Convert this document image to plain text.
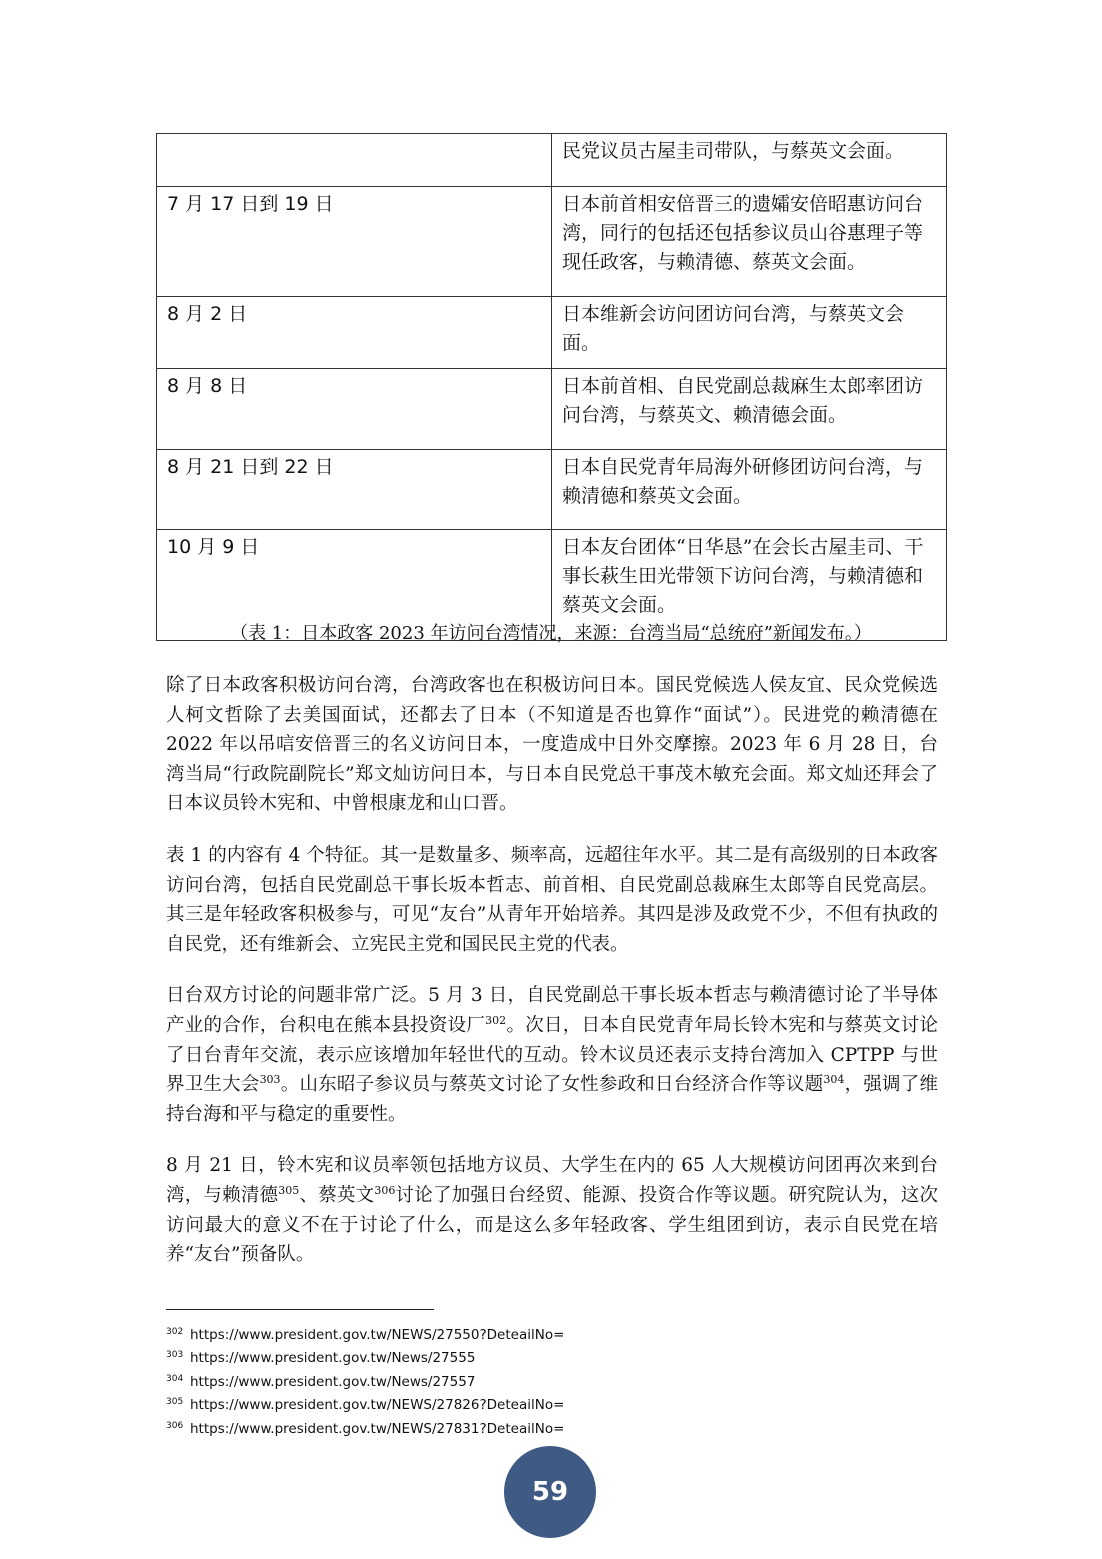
	民党议员古屋圭司带队，与蔡英文会面。
7 月 17 日到 19 日	日本前首相安倍晋三的遗孀安倍昭惠访问台湾，同行的包括还包括参议员山谷惠理子等现任政客，与赖清德、蔡英文会面。
8 月 2 日	日本维新会访问团访问台湾，与蔡英文会面。
8 月 8 日	日本前首相、自民党副总裁麻生太郎率团访问台湾，与蔡英文、赖清德会面。
8 月 21 日到 22 日	日本自民党青年局海外研修团访问台湾，与赖清德和蔡英文会面。
10 月 9 日	日本友台团体“日华恳”在会长古屋圭司、干事长萩生田光带领下访问台湾，与赖清德和蔡英文会面。
（表 1：日本政客 2023 年访问台湾情况，来源：台湾当局“总统府”新闻发布。）

除了日本政客积极访问台湾，台湾政客也在积极访问日本。国民党候选人侯友宜、民众党候选人柯文哲除了去美国面试，还都去了日本（不知道是否也算作“面试”）。民进党的赖清德在 2022 年以吊唁安倍晋三的名义访问日本，一度造成中日外交摩擦。2023 年 6 月 28 日，台湾当局“行政院副院长”郑文灿访问日本，与日本自民党总干事茂木敏充会面。郑文灿还拜会了日本议员铃木宪和、中曾根康龙和山口晋。

表 1 的内容有 4 个特征。其一是数量多、频率高，远超往年水平。其二是有高级别的日本政客访问台湾，包括自民党副总干事长坂本哲志、前首相、自民党副总裁麻生太郎等自民党高层。其三是年轻政客积极参与，可见“友台”从青年开始培养。其四是涉及政党不少，不但有执政的自民党，还有维新会、立宪民主党和国民民主党的代表。

日台双方讨论的问题非常广泛。5 月 3 日，自民党副总干事长坂本哲志与赖清德讨论了半导体产业的合作，台积电在熊本县投资设厂$^{302}$。次日，日本自民党青年局长铃木宪和与蔡英文讨论了日台青年交流，表示应该增加年轻世代的互动。铃木议员还表示支持台湾加入 CPTPP 与世界卫生大会$^{303}$。山东昭子参议员与蔡英文讨论了女性参政和日台经济合作等议题$^{304}$，强调了维持台海和平与稳定的重要性。

8 月 21 日，铃木宪和议员率领包括地方议员、大学生在内的 65 人大规模访问团再次来到台湾，与赖清德$^{305}$、蔡英文$^{306}$讨论了加强日台经贸、能源、投资合作等议题。研究院认为，这次访问最大的意义不在于讨论了什么，而是这么多年轻政客、学生组团到访，表示自民党在培养“友台”预备队。

302 https://www.president.gov.tw/NEWS/27550?DeteailNo=
303 https://www.president.gov.tw/News/27555
304 https://www.president.gov.tw/News/27557
305 https://www.president.gov.tw/NEWS/27826?DeteailNo=
306 https://www.president.gov.tw/NEWS/27831?DeteailNo=
59
